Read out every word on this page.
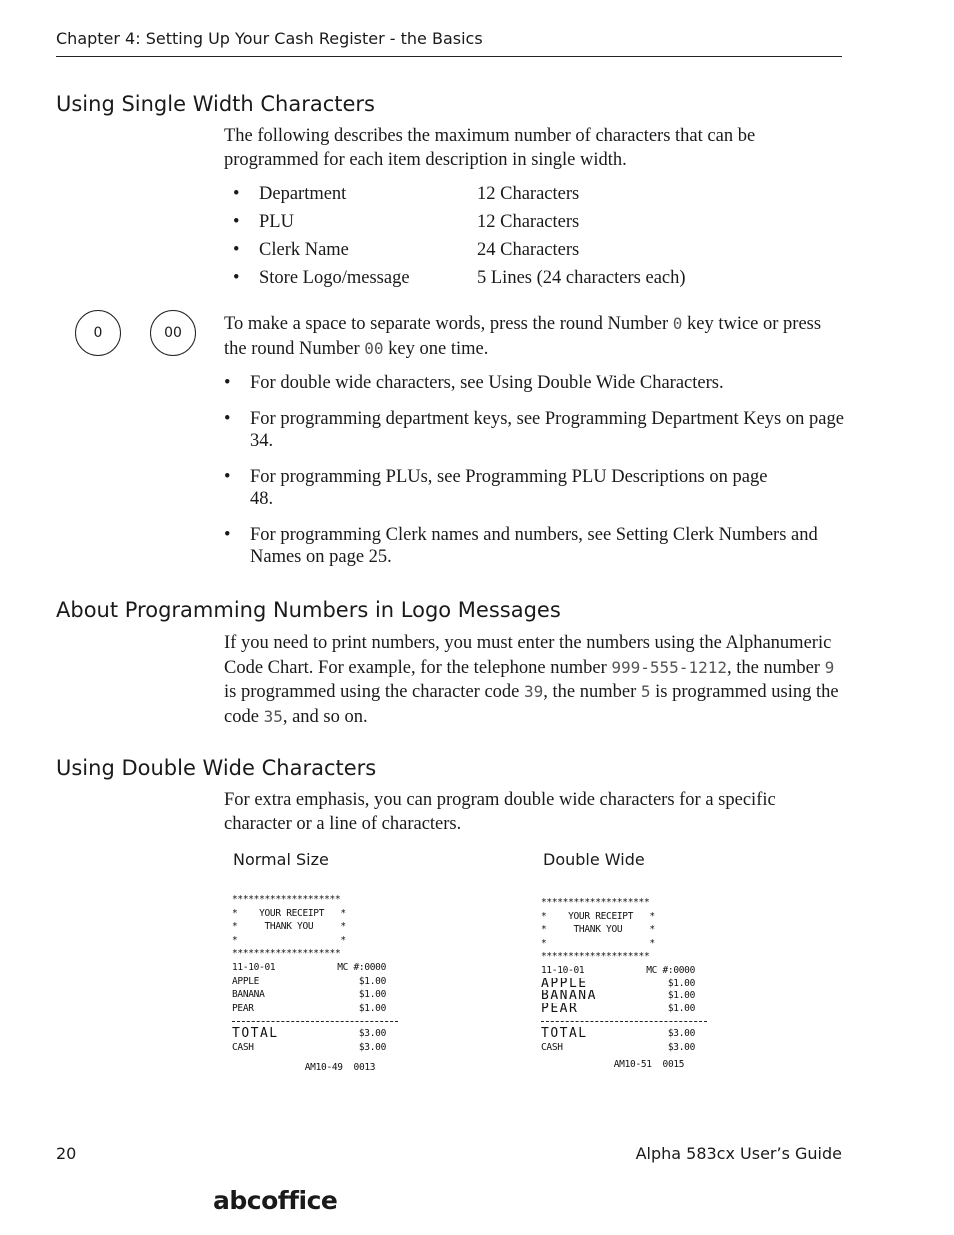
Chapter 4: Setting Up Your Cash Register - the Basics
Using Single Width Characters

The following describes the maximum number of characters that can be programmed for each item description in single width.

• Department	12 Characters
• PLU	12 Characters
• Clerk Name	24 Characters
• Store Logo/message	5 Lines (24 characters each)
0	00	To make a space to separate words, press the round Number 0 key twice or press the round Number 00 key one time.

• For double wide characters, see Using Double Wide Characters.
• For programming department keys, see Programming Department Keys on page 34.
• For programming PLUs, see Programming PLU Descriptions on page 48.
• For programming Clerk names and numbers, see Setting Clerk Numbers and Names on page 25.
About Programming Numbers in Logo Messages

If you need to print numbers, you must enter the numbers using the Alphanumeric Code Chart. For example, for the telephone number 999-555-1212, the number 9 is programmed using the character code 39, the number 5 is programmed using the code 35, and so on.

Using Double Wide Characters

For extra emphasis, you can program double wide characters for a specific character or a line of characters.

Normal Size	Double Wide
********************
*    YOUR RECEIPT   *
*     THANK YOU     *
*                   *
********************
11-10-01	MC #:0000
APPLE	$1.00
BANANA	$1.00
PEAR	$1.00
TOTAL	$3.00
CASH	$3.00
AM10-49  0013
********************
*    YOUR RECEIPT   *
*     THANK YOU     *
*                   *
********************
11-10-01	MC #:0000
APPLE	$1.00
BANANA	$1.00
PEAR	$1.00
TOTAL	$3.00
CASH	$3.00
AM10-51  0015
20	Alpha 583cx User’s Guide
abcoffice
